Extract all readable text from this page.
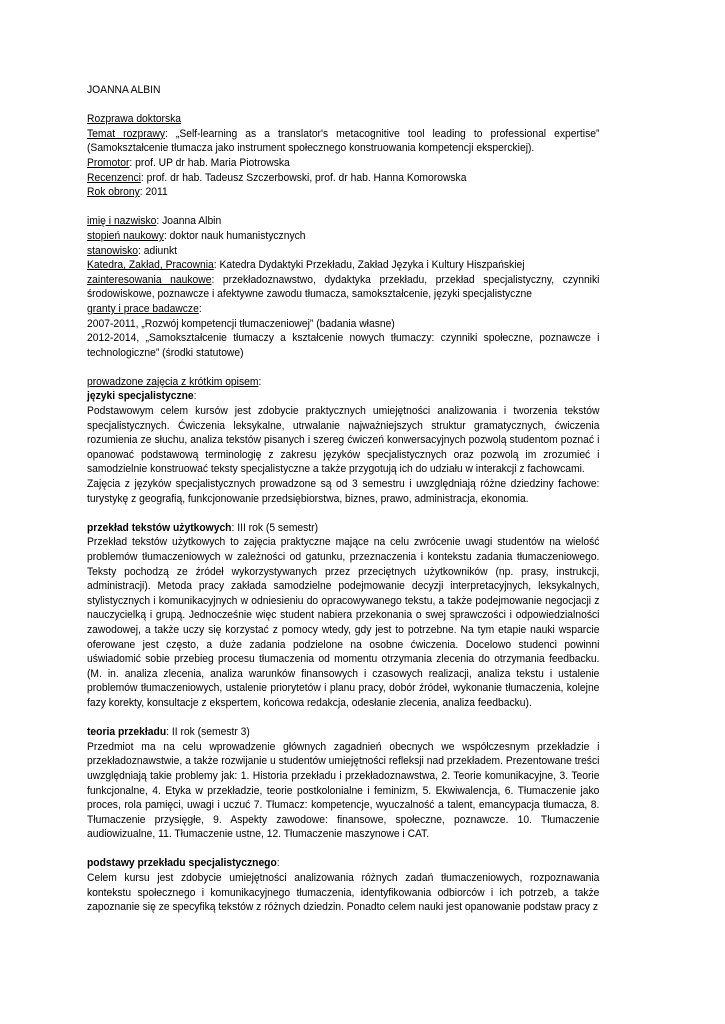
JOANNA ALBIN
Rozprawa doktorska
Temat rozprawy: „Self-learning as a translator's metacognitive tool leading to professional expertise” (Samokształcenie tłumacza jako instrument społecznego konstruowania kompetencji eksperckiej).
Promotor: prof. UP dr hab. Maria Piotrowska
Recenzenci: prof. dr hab. Tadeusz Szczerbowski, prof. dr hab. Hanna Komorowska
Rok obrony: 2011
imię i nazwisko: Joanna Albin
stopień naukowy: doktor nauk humanistycznych
stanowisko: adiunkt
Katedra, Zakład, Pracownia: Katedra Dydaktyki Przekładu, Zakład Języka i Kultury Hiszpańskiej
zainteresowania naukowe: przekładoznawstwo, dydaktyka przekładu, przekład specjalistyczny, czynniki środowiskowe, poznawcze i afektywne zawodu tłumacza, samokształcenie, języki specjalistyczne
granty i prace badawcze:
2007-2011, „Rozwój kompetencji tłumaczeniowej” (badania własne)
2012-2014, „Samokształcenie tłumaczy a kształcenie nowych tłumaczy: czynniki społeczne, poznawcze i technologiczne” (środki statutowe)
prowadzone zajęcia z krótkim opisem:
języki specjalistyczne:
Podstawowym celem kursów jest zdobycie praktycznych umiejętności analizowania i tworzenia tekstów specjalistycznych. Ćwiczenia leksykalne, utrwalanie najważniejszych struktur gramatycznych, ćwiczenia rozumienia ze słuchu, analiza tekstów pisanych i szereg ćwiczeń konwersacyjnych pozwolą studentom poznać i opanować podstawową terminologię z zakresu języków specjalistycznych oraz pozwolą im zrozumieć i samodzielnie konstruować teksty specjalistyczne a także przygotują ich do udziału w interakcji z fachowcami.
Zajęcia z języków specjalistycznych prowadzone są od 3 semestru i uwzględniają różne dziedziny fachowe: turystykę z geografią, funkcjonowanie przedsiębiorstwa, biznes, prawo, administracja, ekonomia.
przekład tekstów użytkowych: III rok (5 semestr)
Przekład tekstów użytkowych to zajęcia praktyczne mające na celu zwrócenie uwagi studentów na wielość problemów tłumaczeniowych w zależności od gatunku, przeznaczenia i kontekstu zadania tłumaczeniowego. Teksty pochodzą ze źródeł wykorzystywanych przez przeciętnych użytkowników (np. prasy, instrukcji, administracji). Metoda pracy zakłada samodzielne podejmowanie decyzji interpretacyjnych, leksykalnych, stylistycznych i komunikacyjnych w odniesieniu do opracowywanego tekstu, a także podejmowanie negocjacji z nauczycielką i grupą. Jednocześnie więc student nabiera przekonania o swej sprawczości i odpowiedzialności zawodowej, a także uczy się korzystać z pomocy wtedy, gdy jest to potrzebne. Na tym etapie nauki wsparcie oferowane jest często, a duże zadania podzielone na osobne ćwiczenia. Docelowo studenci powinni uświadomić sobie przebieg procesu tłumaczenia od momentu otrzymania zlecenia do otrzymania feedbacku. (M. in. analiza zlecenia, analiza warunków finansowych i czasowych realizacji, analiza tekstu i ustalenie problemów tłumaczeniowych, ustalenie priorytetów i planu pracy, dobór źródeł, wykonanie tłumaczenia, kolejne fazy korekty, konsultacje z ekspertem, końcowa redakcja, odesłanie zlecenia, analiza feedbacku).
teoria przekładu: II rok (semestr 3)
Przedmiot ma na celu wprowadzenie głównych zagadnień obecnych we współczesnym przekładzie i przekładoznawstwie, a także rozwijanie u studentów umiejętności refleksji nad przekładem. Prezentowane treści uwzględniają takie problemy jak: 1. Historia przekładu i przekładoznawstwa, 2. Teorie komunikacyjne, 3. Teorie funkcjonalne, 4. Etyka w przekładzie, teorie postkolonialne i feminizm, 5. Ekwiwalencja, 6. Tłumaczenie jako proces, rola pamięci, uwagi i uczuć 7. Tłumacz: kompetencje, wyuczalność a talent, emancypacja tłumacza, 8. Tłumaczenie przysięgłe, 9. Aspekty zawodowe: finansowe, społeczne, poznawcze. 10. Tłumaczenie audiowizualne, 11. Tłumaczenie ustne, 12. Tłumaczenie maszynowe i CAT.
podstawy przekładu specjalistycznego:
Celem kursu jest zdobycie umiejętności analizowania różnych zadań tłumaczeniowych, rozpoznawania kontekstu społecznego i komunikacyjnego tłumaczenia, identyfikowania odbiorców i ich potrzeb, a także zapoznanie się ze specyfiką tekstów z różnych dziedzin. Ponadto celem nauki jest opanowanie podstaw pracy z
